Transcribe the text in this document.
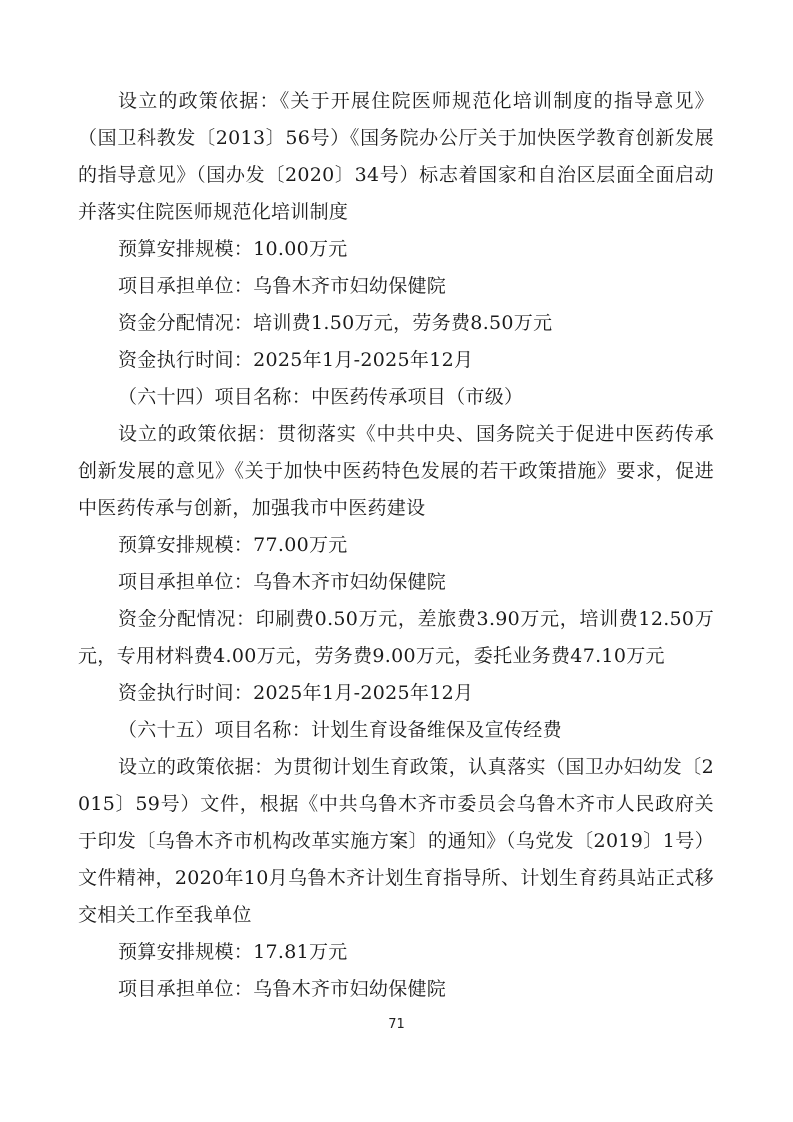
设立的政策依据：《关于开展住院医师规范化培训制度的指导意见》（国卫科教发〔2013〕56号）《国务院办公厅关于加快医学教育创新发展的指导意见》（国办发〔2020〕34号）标志着国家和自治区层面全面启动并落实住院医师规范化培训制度

预算安排规模：10.00万元

项目承担单位：乌鲁木齐市妇幼保健院

资金分配情况：培训费1.50万元，劳务费8.50万元

资金执行时间：2025年1月-2025年12月

（六十四）项目名称：中医药传承项目（市级）

设立的政策依据：贯彻落实《中共中央、国务院关于促进中医药传承创新发展的意见》《关于加快中医药特色发展的若干政策措施》要求，促进中医药传承与创新，加强我市中医药建设

预算安排规模：77.00万元

项目承担单位：乌鲁木齐市妇幼保健院

资金分配情况：印刷费0.50万元，差旅费3.90万元，培训费12.50万元，专用材料费4.00万元，劳务费9.00万元，委托业务费47.10万元

资金执行时间：2025年1月-2025年12月

（六十五）项目名称：计划生育设备维保及宣传经费

设立的政策依据：为贯彻计划生育政策，认真落实（国卫办妇幼发〔2015〕59号）文件，根据《中共乌鲁木齐市委员会乌鲁木齐市人民政府关于印发〔乌鲁木齐市机构改革实施方案〕的通知》（乌党发〔2019〕1号）文件精神，2020年10月乌鲁木齐计划生育指导所、计划生育药具站正式移交相关工作至我单位

预算安排规模：17.81万元

项目承担单位：乌鲁木齐市妇幼保健院

71
